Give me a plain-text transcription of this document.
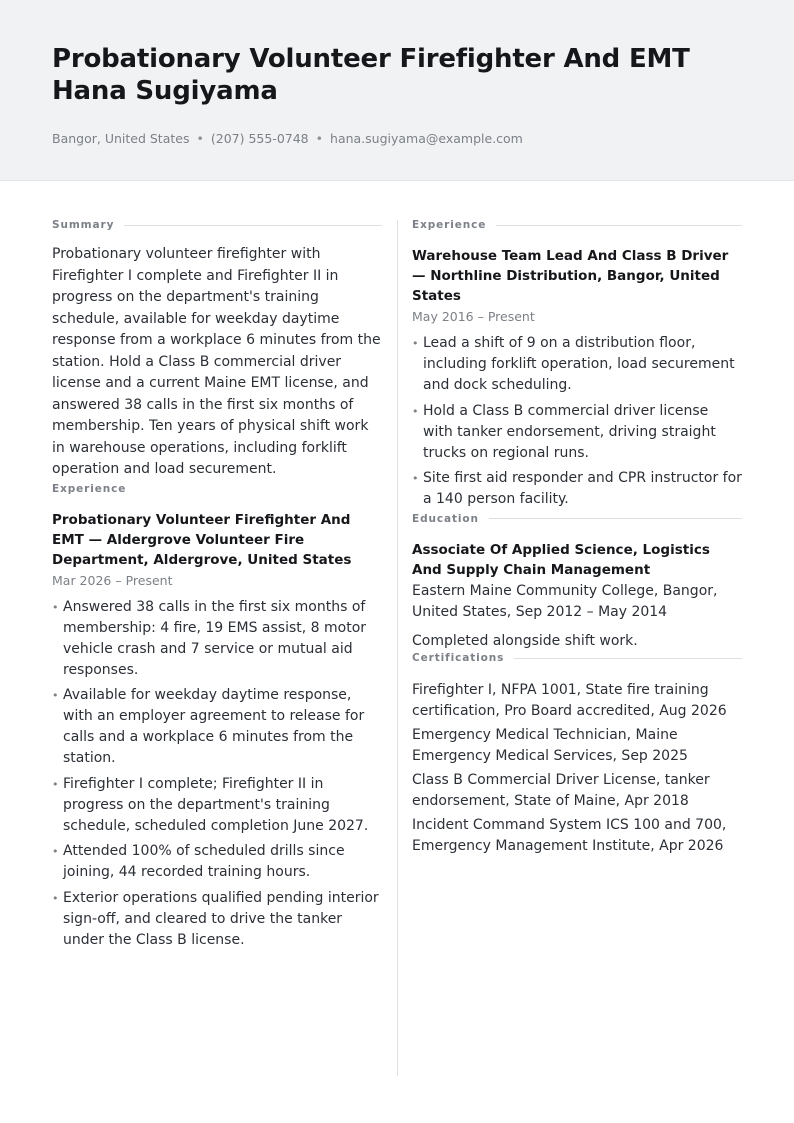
Probationary Volunteer Firefighter And EMT
Hana Sugiyama
Bangor, United States • (207) 555-0748 • hana.sugiyama@example.com
Summary
Probationary volunteer firefighter with Firefighter I complete and Firefighter II in progress on the department's training schedule, available for weekday daytime response from a workplace 6 minutes from the station. Hold a Class B commercial driver license and a current Maine EMT license, and answered 38 calls in the first six months of membership. Ten years of physical shift work in warehouse operations, including forklift operation and load securement.
Experience
Probationary Volunteer Firefighter And EMT — Aldergrove Volunteer Fire Department, Aldergrove, United States
Mar 2026 – Present
• Answered 38 calls in the first six months of membership: 4 fire, 19 EMS assist, 8 motor vehicle crash and 7 service or mutual aid responses.
• Available for weekday daytime response, with an employer agreement to release for calls and a workplace 6 minutes from the station.
• Firefighter I complete; Firefighter II in progress on the department's training schedule, scheduled completion June 2027.
• Attended 100% of scheduled drills since joining, 44 recorded training hours.
• Exterior operations qualified pending interior sign-off, and cleared to drive the tanker under the Class B license.
Experience
Warehouse Team Lead And Class B Driver — Northline Distribution, Bangor, United States
May 2016 – Present
• Lead a shift of 9 on a distribution floor, including forklift operation, load securement and dock scheduling.
• Hold a Class B commercial driver license with tanker endorsement, driving straight trucks on regional runs.
• Site first aid responder and CPR instructor for a 140 person facility.
Education
Associate Of Applied Science, Logistics And Supply Chain Management
Eastern Maine Community College, Bangor, United States, Sep 2012 – May 2014
Completed alongside shift work.
Certifications
Firefighter I, NFPA 1001, State fire training certification, Pro Board accredited, Aug 2026
Emergency Medical Technician, Maine Emergency Medical Services, Sep 2025
Class B Commercial Driver License, tanker endorsement, State of Maine, Apr 2018
Incident Command System ICS 100 and 700, Emergency Management Institute, Apr 2026
